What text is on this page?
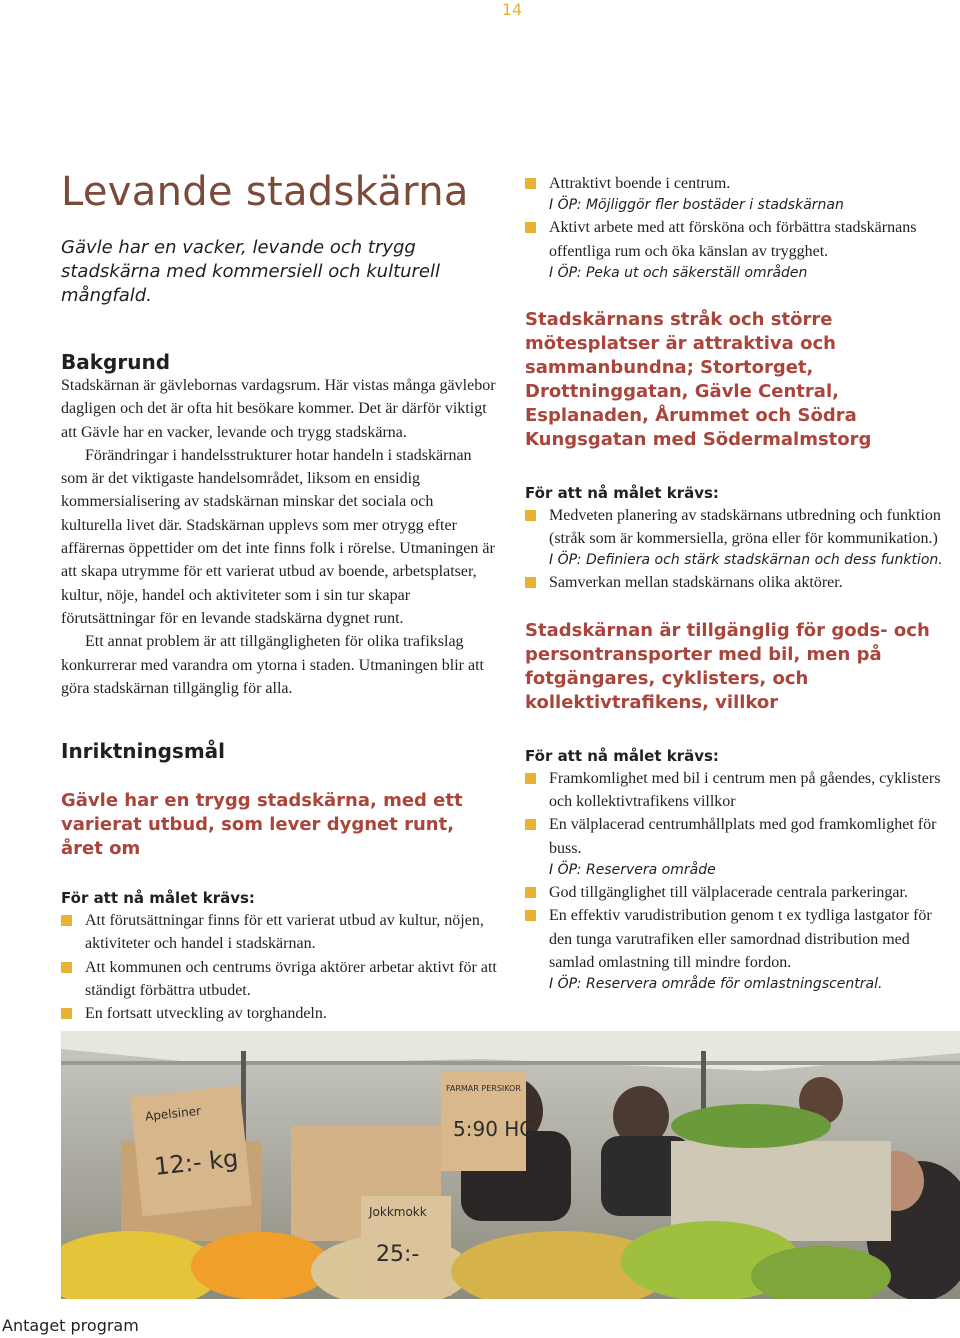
14
Levande stadskärna
Gävle har en vacker, levande och trygg stadskärna med kommersiell och kulturell mångfald.
Bakgrund

Stadskärnan är gävlebornas vardagsrum. Här vistas många gävlebor dagligen och det är ofta hit besökare kommer. Det är därför viktigt att Gävle har en vacker, levande och trygg stadskärna.

Förändringar i handelsstrukturer hotar handeln i stadskärnan som är det viktigaste handelsområdet, liksom en ensidig kommersialisering av stadskärnan minskar det sociala och kulturella livet där. Stadskärnan upplevs som mer otrygg efter affärernas öppettider om det inte finns folk i rörelse. Utmaningen är att skapa utrymme för ett varierat utbud av boende, arbetsplatser, kultur, nöje, handel och aktiviteter som i sin tur skapar förutsättningar för en levande stadskärna dygnet runt.

Ett annat problem är att tillgängligheten för olika trafikslag konkurrerar med varandra om ytorna i staden. Utmaningen blir att göra stadskärnan tillgänglig för alla.

Inriktningsmål
Gävle har en trygg stadskärna, med ett varierat utbud, som lever dygnet runt, året om
För att nå målet krävs:
Att förutsättningar finns för ett varierat utbud av kultur, nöjen, aktiviteter och handel i stadskärnan.
Att kommunen och centrums övriga aktörer arbetar aktivt för att ständigt förbättra utbudet.
En fortsatt utveckling av torghandeln.
Attraktivt boende i centrum.
I ÖP: Möjliggör fler bostäder i stadskärnan
Aktivt arbete med att försköna och förbättra stadskärnans offentliga rum och öka känslan av trygghet.
I ÖP: Peka ut och säkerställ områden
Stadskärnans stråk och större mötesplatser är attraktiva och sammanbundna; Stortorget, Drottninggatan, Gävle Central, Esplanaden, Årummet och Södra Kungsgatan med Södermalmstorg
För att nå målet krävs:
Medveten planering av stadskärnans utbredning och funktion (stråk som är kommersiella, gröna eller för kommunikation.)
I ÖP: Definiera och stärk stadskärnan och dess funktion.
Samverkan mellan stadskärnans olika aktörer.
Stadskärnan är tillgänglig för gods- och persontransporter med bil, men på fotgängares, cyklisters, och kollektivtrafikens, villkor
För att nå målet krävs:
Framkomlighet med bil i centrum men på gåendes, cyklisters och kollektivtrafikens villkor
En välplacerad centrumhållplats med god framkomlighet för buss.
I ÖP: Reservera område
God tillgänglighet till välplacerade centrala parkeringar.
En effektiv varudistribution genom t ex tydliga lastgator för den tunga varutrafiken eller samordnad distribution med samlad omlastning till mindre fordon.
I ÖP: Reservera område för omlastningscentral.
Apelsiner
12:- kg
FARMAR PERSIKOR
5:90 HG
Jokkmokk
25:-
Antaget program
